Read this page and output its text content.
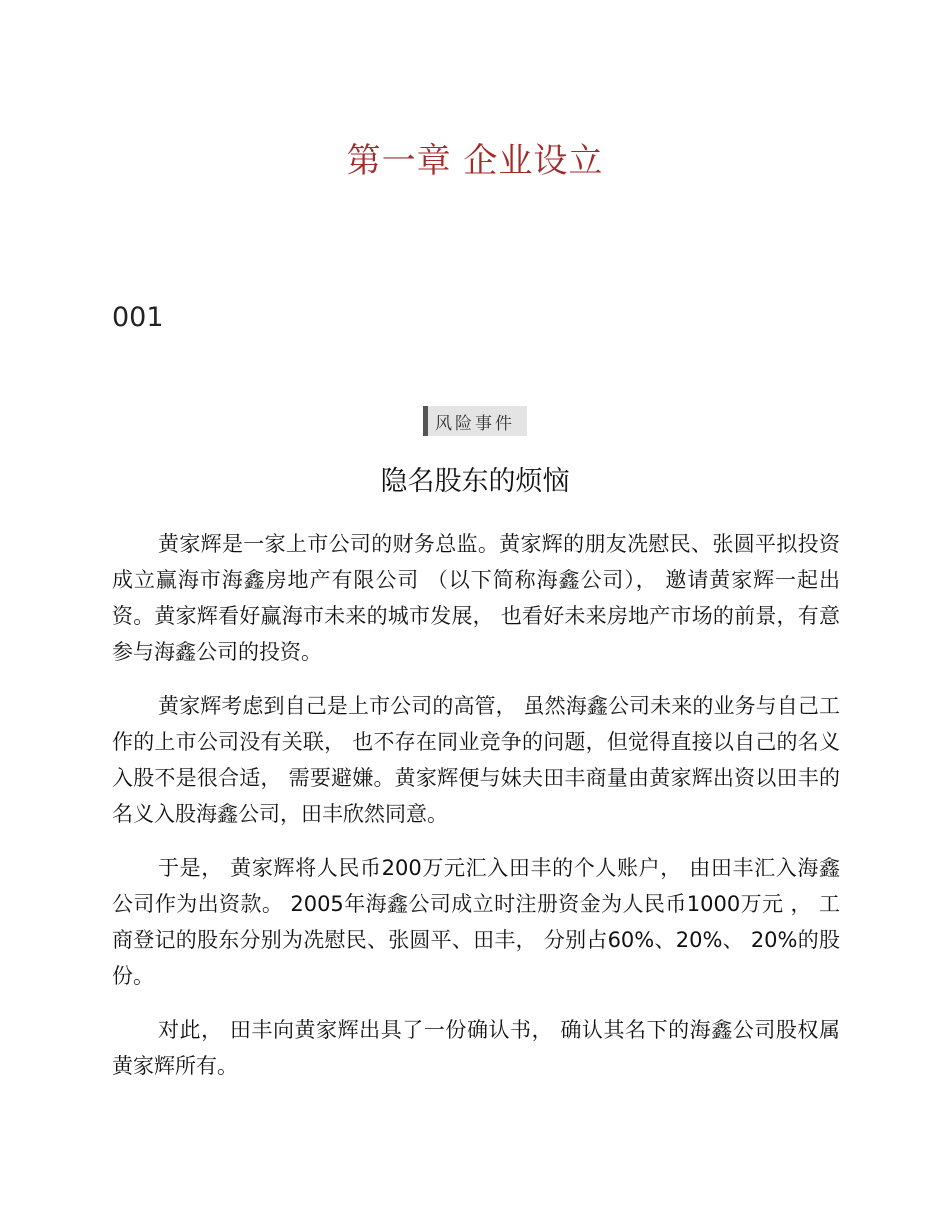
第一章 企业设立
001
风险事件
隐名股东的烦恼

黄家辉是一家上市公司的财务总监。黄家辉的朋友冼慰民、张圆平拟投资成立赢海市海鑫房地产有限公司 （以下简称海鑫公司）， 邀请黄家辉一起出资。黄家辉看好赢海市未来的城市发展， 也看好未来房地产市场的前景，有意参与海鑫公司的投资。

黄家辉考虑到自己是上市公司的高管， 虽然海鑫公司未来的业务与自己工作的上市公司没有关联， 也不存在同业竞争的问题，但觉得直接以自己的名义入股不是很合适， 需要避嫌。黄家辉便与妹夫田丰商量由黄家辉出资以田丰的名义入股海鑫公司，田丰欣然同意。

于是， 黄家辉将人民币200万元汇入田丰的个人账户， 由田丰汇入海鑫公司作为出资款。 2005年海鑫公司成立时注册资金为人民币1000万元 ， 工商登记的股东分别为冼慰民、张圆平、田丰， 分别占60%、20%、 20%的股份。

对此， 田丰向黄家辉出具了一份确认书， 确认其名下的海鑫公司股权属黄家辉所有。
